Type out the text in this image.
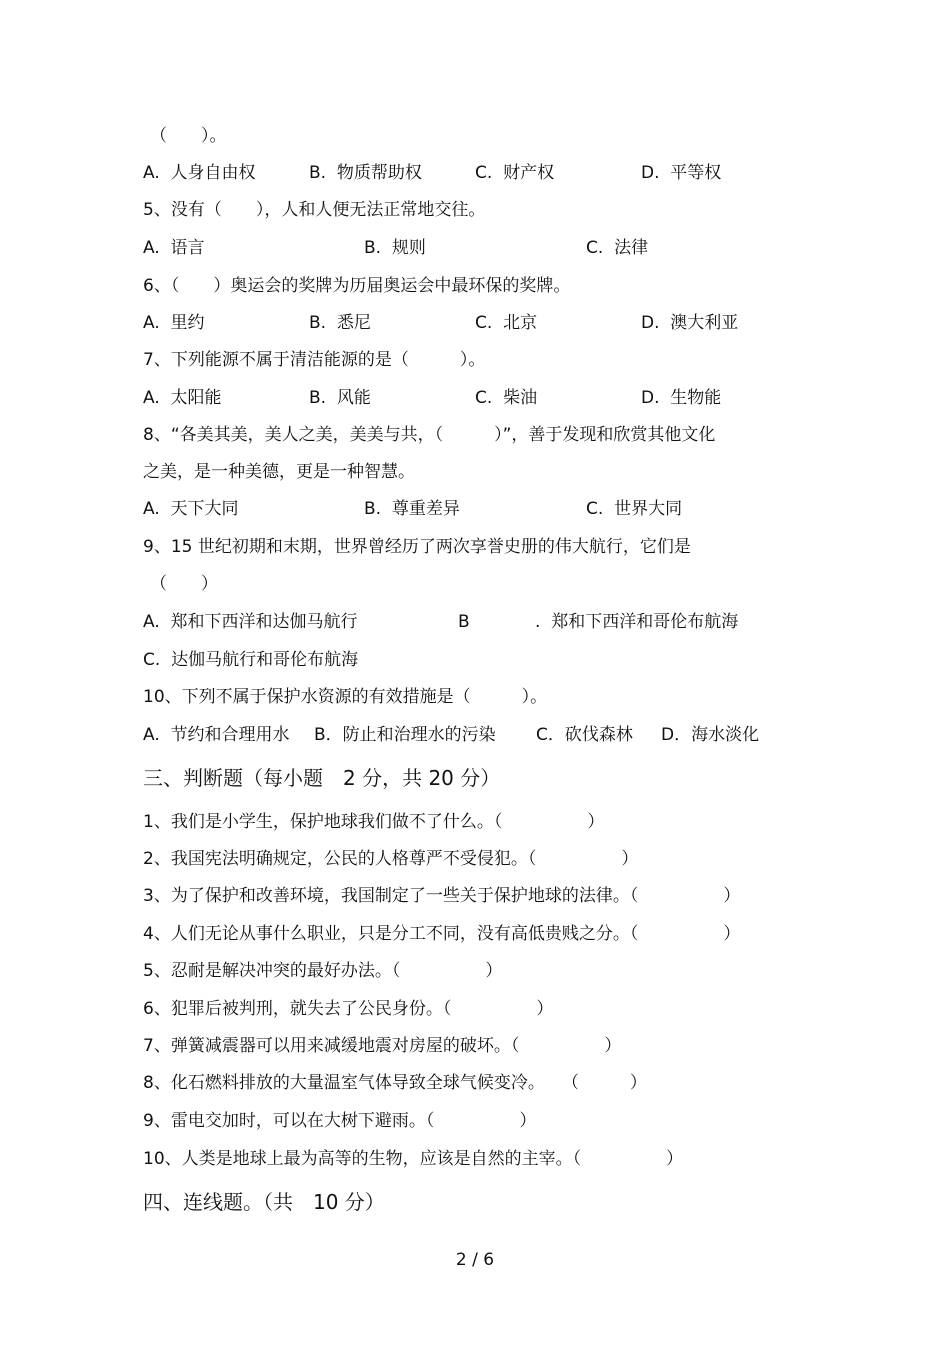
（　　）。
A.  人身自由权	B.  物质帮助权	C.  财产权	D.  平等权
5、没有（　　），人和人便无法正常地交往。
A.  语言	B.  规则	C.  法律
6、（　　）奥运会的奖牌为历届奥运会中最环保的奖牌。
A.  里约	B.  悉尼	C.  北京	D.  澳大利亚
7、下列能源不属于清洁能源的是（　　　）。
A.  太阳能	B.  风能	C.  柴油	D.  生物能
8、“各美其美，美人之美，美美与共，（　　　）”，善于发现和欣赏其他文化
之美，是一种美德，更是一种智慧。
A.  天下大同	B.  尊重差异	C.  世界大同
9、15 世纪初期和末期，世界曾经历了两次享誉史册的伟大航行，它们是
（　　）
A.  郑和下西洋和达伽马航行	B	.  郑和下西洋和哥伦布航海
C.  达伽马航行和哥伦布航海
10、下列不属于保护水资源的有效措施是（　　　）。
A.  节约和合理用水 B．防止和治理水的污染 C．砍伐森林 D．海水淡化
三、判断题（每小题　2 分，共 20 分）
1、我们是小学生，保护地球我们做不了什么。（　　　　　）
2、我国宪法明确规定，公民的人格尊严不受侵犯。（　　　　　）
3、为了保护和改善环境，我国制定了一些关于保护地球的法律。（　　　　　）
4、人们无论从事什么职业，只是分工不同，没有高低贵贱之分。（　　　　　）
5、忍耐是解决冲突的最好办法。（　　　　　）
6、犯罪后被判刑，就失去了公民身份。（　　　　　）
7、弹簧减震器可以用来减缓地震对房屋的破坏。（　　　　　）
8、化石燃料排放的大量温室气体导致全球气候变冷。　　（　　　）
9、雷电交加时，可以在大树下避雨。（　　　　　）
10、人类是地球上最为高等的生物，应该是自然的主宰。（　　　　　）
四、连线题。（共　10 分）
2 / 6
